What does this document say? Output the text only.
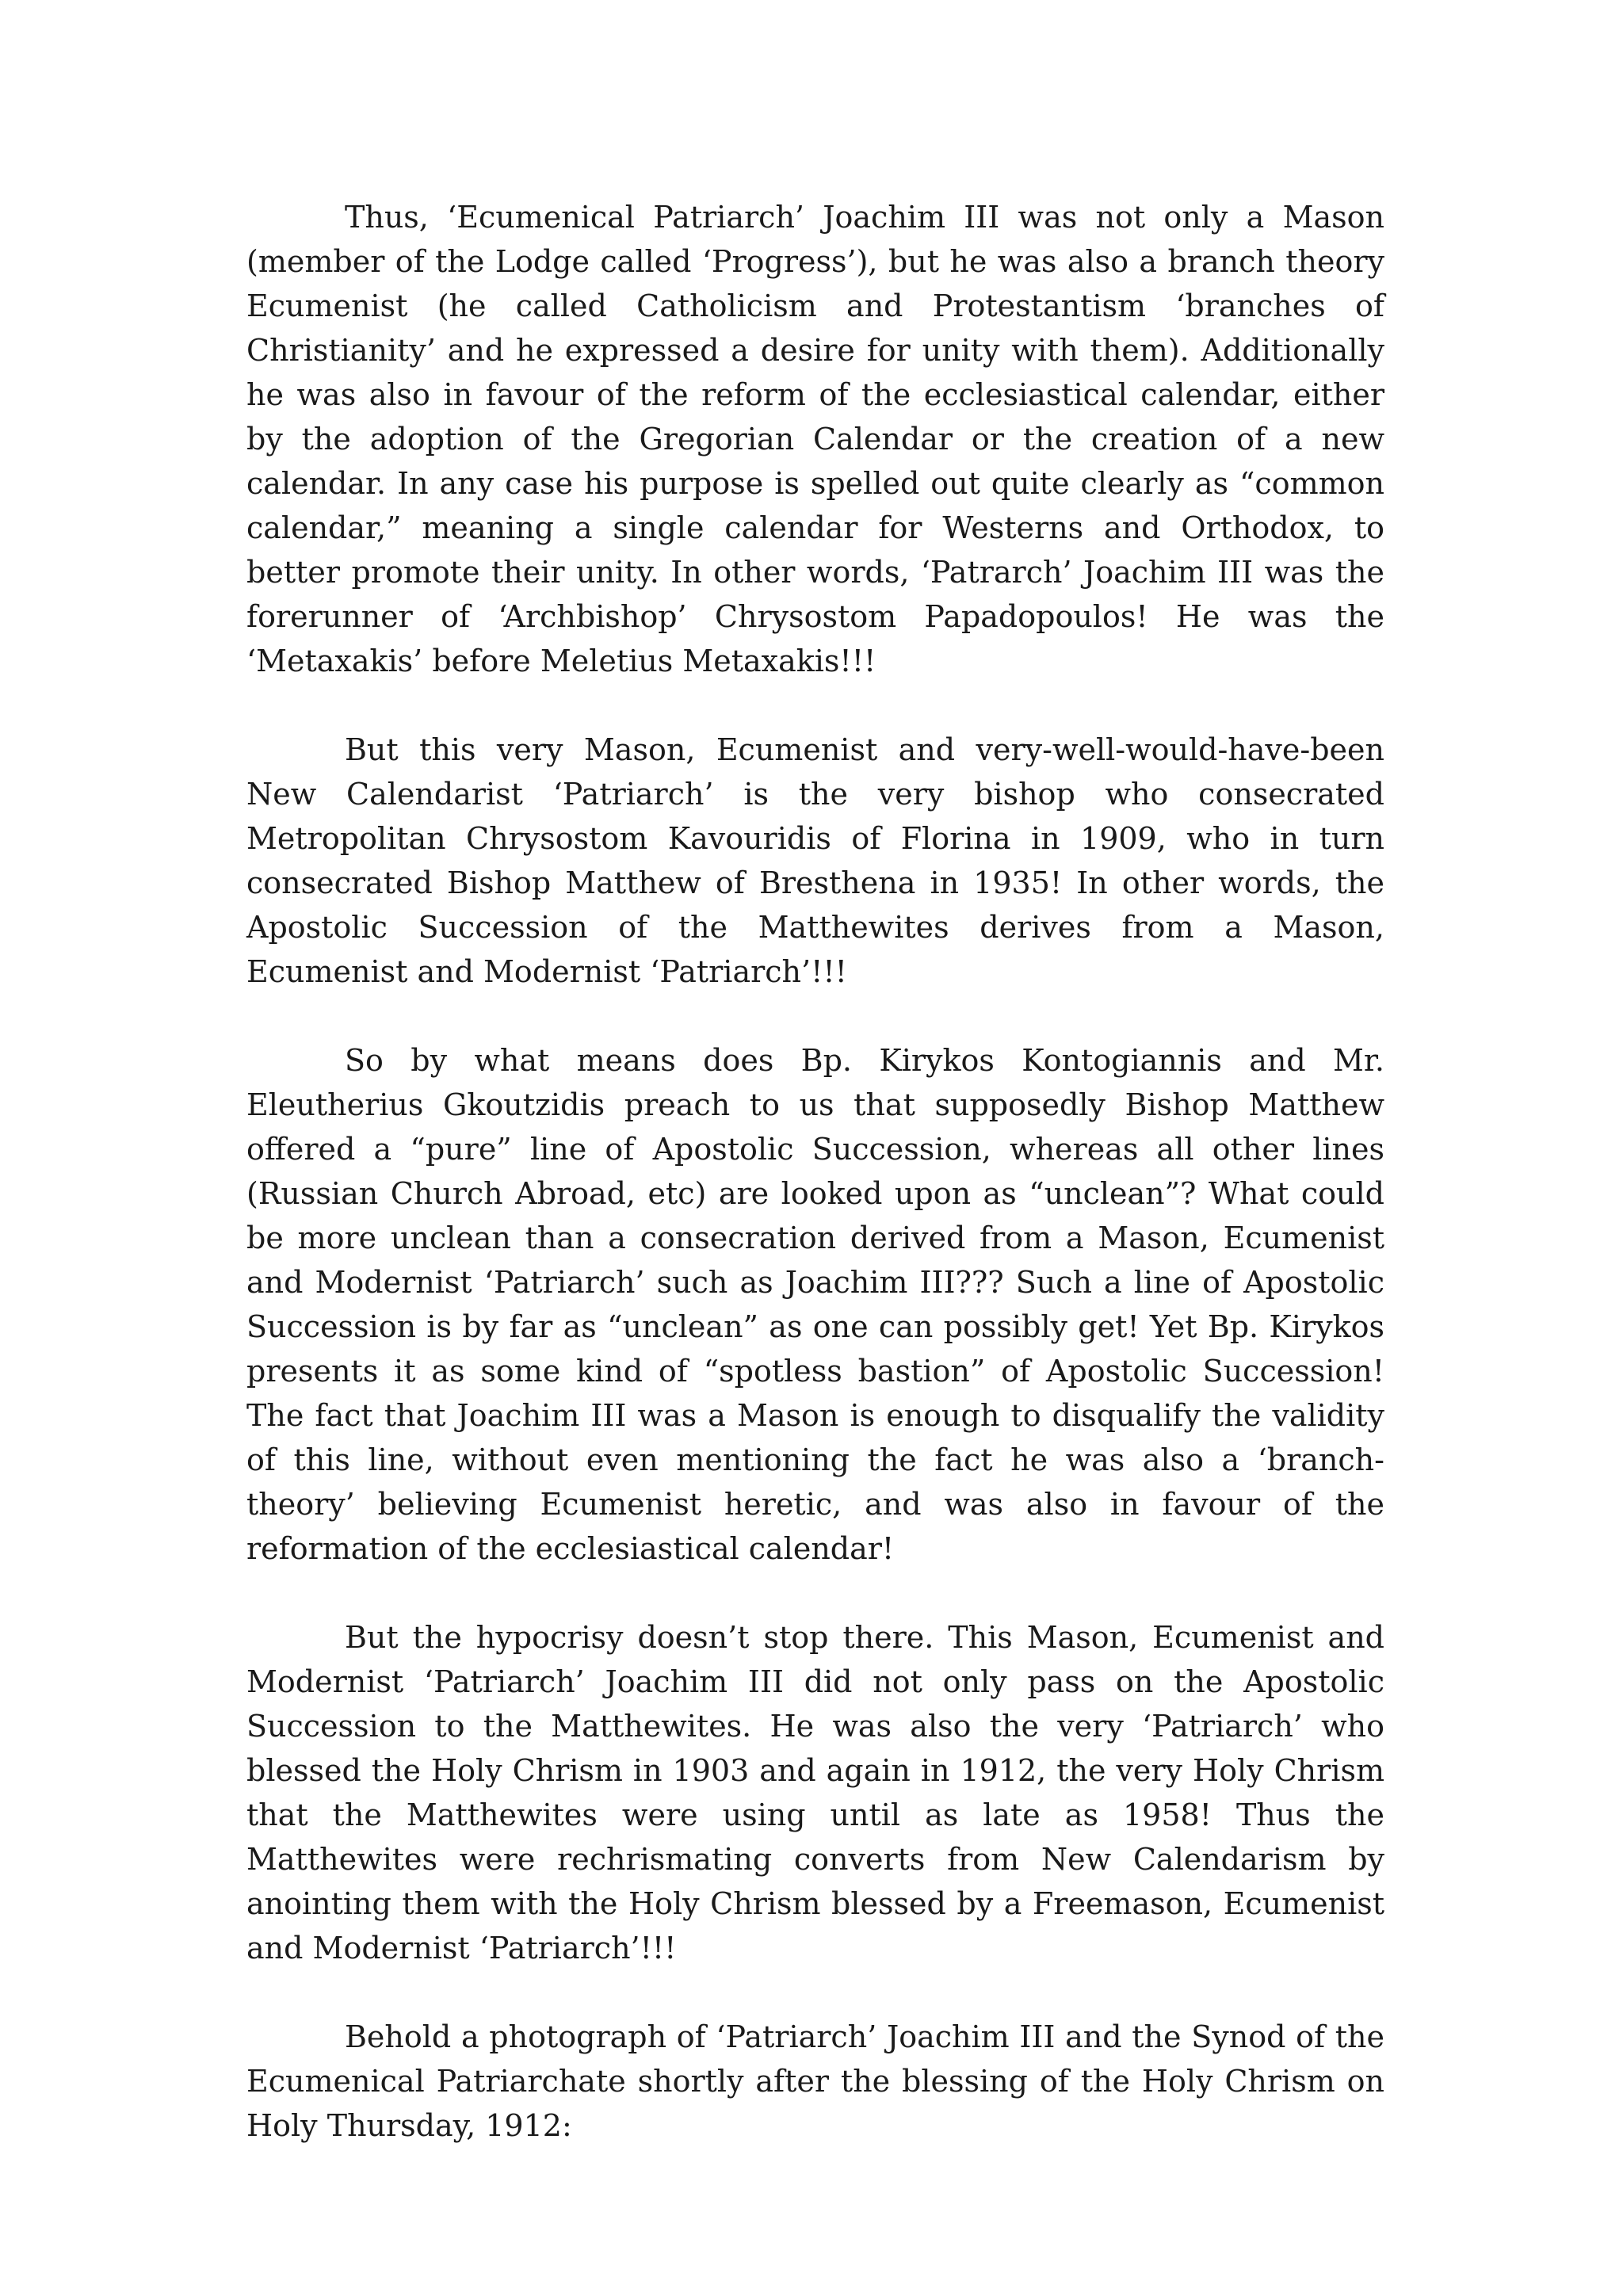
Thus, ‘Ecumenical Patriarch’ Joachim III was not only a Mason (member of the Lodge called ‘Progress’), but he was also a branch theory Ecumenist (he called Catholicism and Protestantism ‘branches of Christianity’ and he expressed a desire for unity with them). Additionally he was also in favour of the reform of the ecclesiastical calendar, either by the adoption of the Gregorian Calendar or the creation of a new calendar. In any case his purpose is spelled out quite clearly as “common calendar,” meaning a single calendar for Westerns and Orthodox, to better promote their unity. In other words, ‘Patrarch’ Joachim III was the forerunner of ‘Archbishop’ Chrysostom Papadopoulos! He was the ‘Metaxakis’ before Meletius Metaxakis!!!

But this very Mason, Ecumenist and very-well-would-have-been New Calendarist ‘Patriarch’ is the very bishop who consecrated Metropolitan Chrysostom Kavouridis of Florina in 1909, who in turn consecrated Bishop Matthew of Bresthena in 1935! In other words, the Apostolic Succession of the Matthewites derives from a Mason, Ecumenist and Modernist ‘Patriarch’!!!

So by what means does Bp. Kirykos Kontogiannis and Mr. Eleutherius Gkoutzidis preach to us that supposedly Bishop Matthew offered a “pure” line of Apostolic Succession, whereas all other lines (Russian Church Abroad, etc) are looked upon as “unclean”? What could be more unclean than a consecration derived from a Mason, Ecumenist and Modernist ‘Patriarch’ such as Joachim III??? Such a line of Apostolic Succession is by far as “unclean” as one can possibly get! Yet Bp. Kirykos presents it as some kind of “spotless bastion” of Apostolic Succession! The fact that Joachim III was a Mason is enough to disqualify the validity of this line, without even mentioning the fact he was also a ‘branch-theory’ believing Ecumenist heretic, and was also in favour of the reformation of the ecclesiastical calendar!

But the hypocrisy doesn’t stop there. This Mason, Ecumenist and Modernist ‘Patriarch’ Joachim III did not only pass on the Apostolic Succession to the Matthewites. He was also the very ‘Patriarch’ who blessed the Holy Chrism in 1903 and again in 1912, the very Holy Chrism that the Matthewites were using until as late as 1958! Thus the Matthewites were rechrismating converts from New Calendarism by anointing them with the Holy Chrism blessed by a Freemason, Ecumenist and Modernist ‘Patriarch’!!!

Behold a photograph of ‘Patriarch’ Joachim III and the Synod of the Ecumenical Patriarchate shortly after the blessing of the Holy Chrism on Holy Thursday, 1912:
